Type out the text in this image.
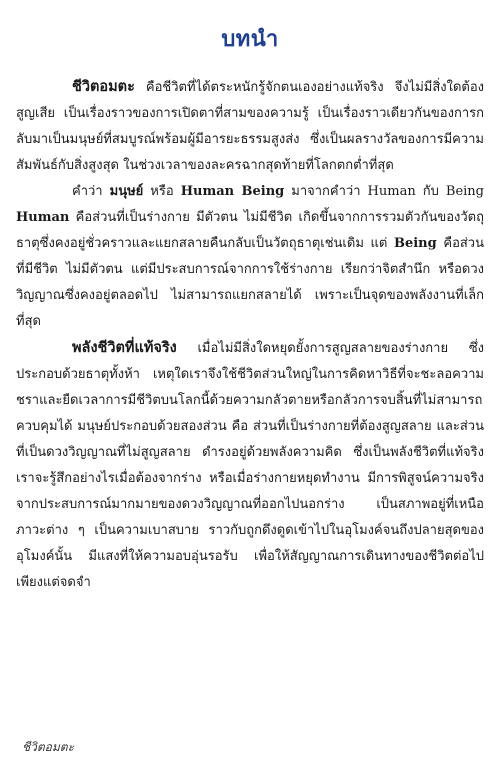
บทนำ

ชีวิตอมตะ คือชีวิตที่ได้ตระหนักรู้จักตนเองอย่างแท้จริง จึงไม่มีสิ่งใดต้องสูญเสีย เป็นเรื่องราวของการเปิดตาที่สามของความรู้ เป็นเรื่องราวเดียวกันของการกลับมาเป็นมนุษย์ที่สมบูรณ์พร้อมผู้มีอารยะธรรมสูงส่ง ซึ่งเป็นผลรางวัลของการมีความสัมพันธ์กับสิ่งสูงสุด ในช่วงเวลาของละครฉากสุดท้ายที่โลกตกต่ำที่สุด

คำว่า มนุษย์ หรือ Human Being มาจากคำว่า Human กับ Being Human คือส่วนที่เป็นร่างกาย มีตัวตน ไม่มีชีวิต เกิดขึ้นจากการรวมตัวกันของวัตถุธาตุซึ่งคงอยู่ชั่วคราวและแยกสลายคืนกลับเป็นวัตถุธาตุเช่นเดิม แต่ Being คือส่วนที่มีชีวิต ไม่มีตัวตน แต่มีประสบการณ์จากการใช้ร่างกาย เรียกว่าจิตสำนึก หรือดวงวิญญาณซึ่งคงอยู่ตลอดไป ไม่สามารถแยกสลายได้ เพราะเป็นจุดของพลังงานที่เล็กที่สุด

พลังชีวิตที่แท้จริง เมื่อไม่มีสิ่งใดหยุดยั้งการสูญสลายของร่างกาย ซึ่งประกอบด้วยธาตุทั้งห้า เหตุใดเราจึงใช้ชีวิตส่วนใหญ่ในการคิดหาวิธีที่จะชะลอความชราและยืดเวลาการมีชีวิตบนโลกนี้ด้วยความกลัวตายหรือกลัวการจบสิ้นที่ไม่สามารถควบคุมได้ มนุษย์ประกอบด้วยสองส่วน คือ ส่วนที่เป็นร่างกายที่ต้องสูญสลาย และส่วนที่เป็นดวงวิญญาณที่ไม่สูญสลาย ดำรงอยู่ด้วยพลังความคิด ซึ่งเป็นพลังชีวิตที่แท้จริง เราจะรู้สึกอย่างไรเมื่อต้องจากร่าง หรือเมื่อร่างกายหยุดทำงาน มีการพิสูจน์ความจริงจากประสบการณ์มากมายของดวงวิญญาณที่ออกไปนอกร่าง เป็นสภาพอยู่ที่เหนือภาวะต่าง ๆ เป็นความเบาสบาย ราวกับถูกดึงดูดเข้าไปในอุโมงค์จนถึงปลายสุดของอุโมงค์นั้น มีแสงที่ให้ความอบอุ่นรอรับ เพื่อให้สัญญาณการเดินทางของชีวิตต่อไป เพียงแต่จดจำ

ชีวิตอมตะ
